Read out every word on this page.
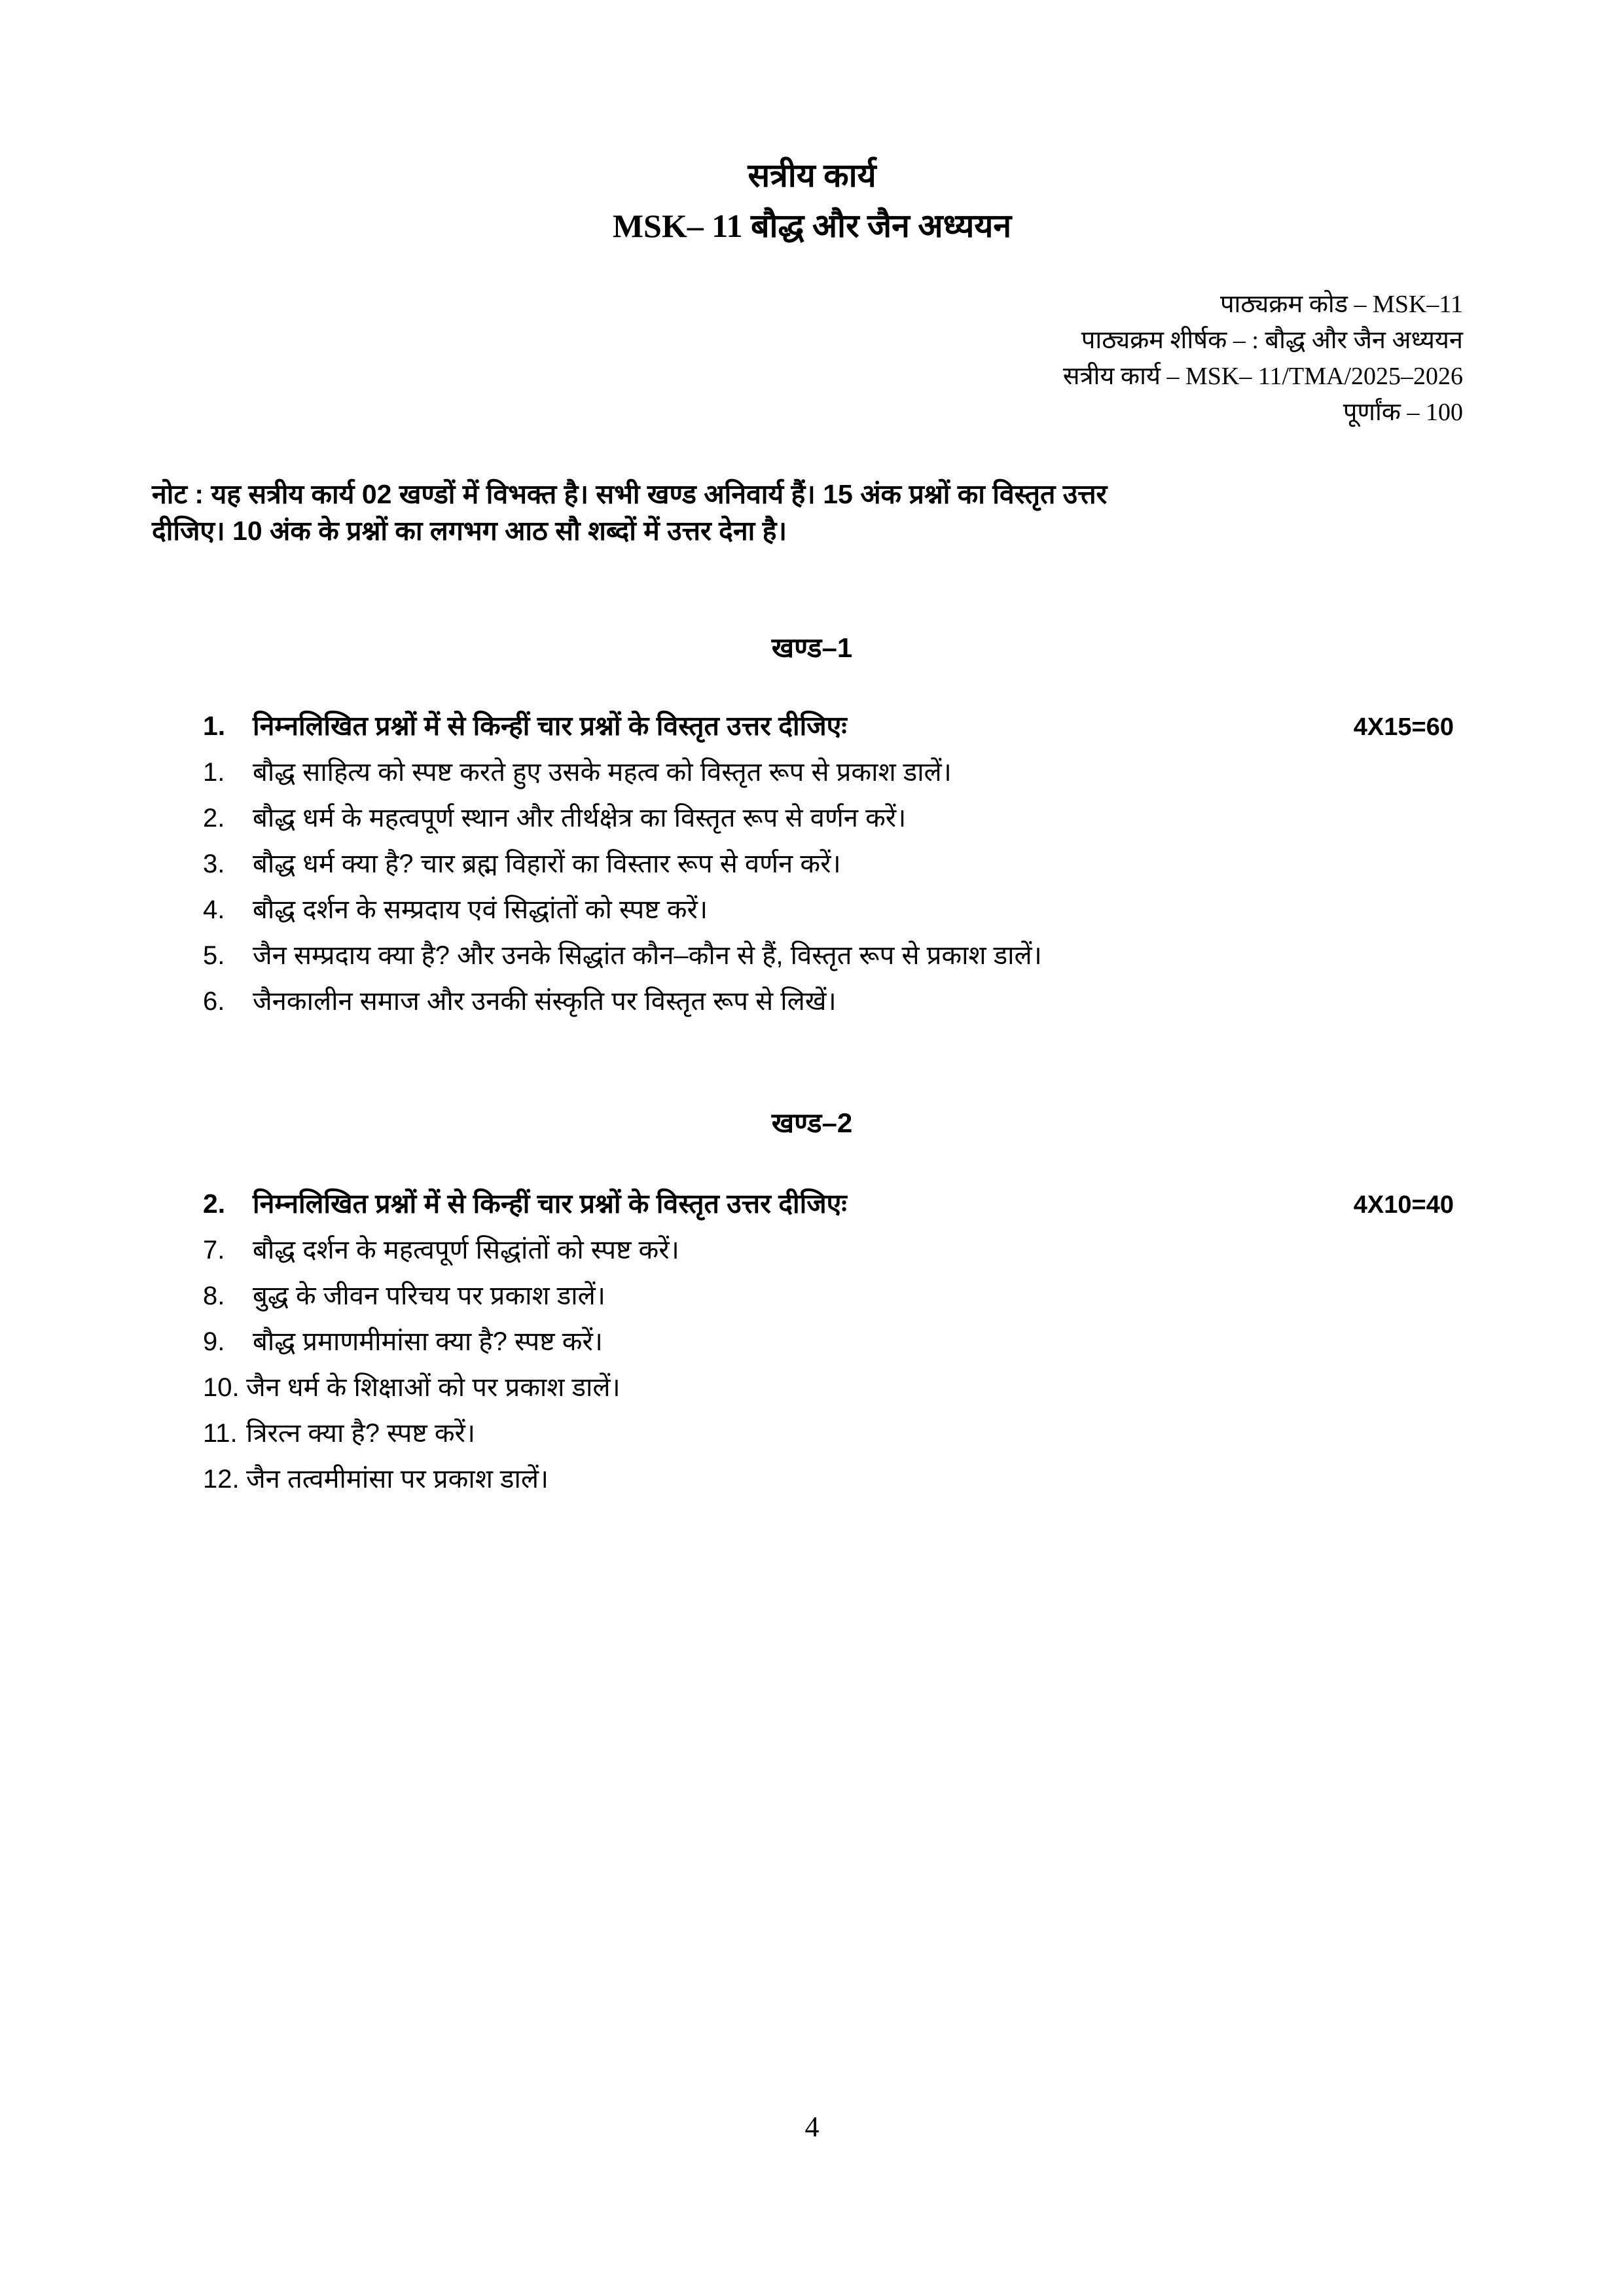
सत्रीय कार्य
MSK– 11 बौद्ध और जैन अध्ययन
पाठ्यक्रम कोड – MSK–11
पाठ्यक्रम शीर्षक – : बौद्ध और जैन अध्ययन
सत्रीय कार्य – MSK– 11/TMA/2025–2026
पूर्णांक – 100
नोट : यह सत्रीय कार्य 02 खण्डों में विभक्त है। सभी खण्ड अनिवार्य हैं। 15 अंक प्रश्नों का विस्तृत उत्तर
दीजिए। 10 अंक के प्रश्नों का लगभग आठ सौ शब्दों में उत्तर देना है।
खण्ड–1
1. निम्नलिखित प्रश्नों में से किन्हीं चार प्रश्नों के विस्तृत उत्तर दीजिएः	4X15=60
1. बौद्ध साहित्य को स्पष्ट करते हुए उसके महत्व को विस्तृत रूप से प्रकाश डालें।
2. बौद्ध धर्म के महत्वपूर्ण स्थान और तीर्थक्षेत्र का विस्तृत रूप से वर्णन करें।
3. बौद्ध धर्म क्या है? चार ब्रह्म विहारों का विस्तार रूप से वर्णन करें।
4. बौद्ध दर्शन के सम्प्रदाय एवं सिद्धांतों को स्पष्ट करें।
5. जैन सम्प्रदाय क्या है? और उनके सिद्धांत कौन–कौन से हैं, विस्तृत रूप से प्रकाश डालें।
6. जैनकालीन समाज और उनकी संस्कृति पर विस्तृत रूप से लिखें।
खण्ड–2
2. निम्नलिखित प्रश्नों में से किन्हीं चार प्रश्नों के विस्तृत उत्तर दीजिएः	4X10=40
7. बौद्ध दर्शन के महत्वपूर्ण सिद्धांतों को स्पष्ट करें।
8. बुद्ध के जीवन परिचय पर प्रकाश डालें।
9. बौद्ध प्रमाणमीमांसा क्या है? स्पष्ट करें।
10. जैन धर्म के शिक्षाओं को पर प्रकाश डालें।
11. त्रिरत्न क्या है? स्पष्ट करें।
12. जैन तत्वमीमांसा पर प्रकाश डालें।
4
